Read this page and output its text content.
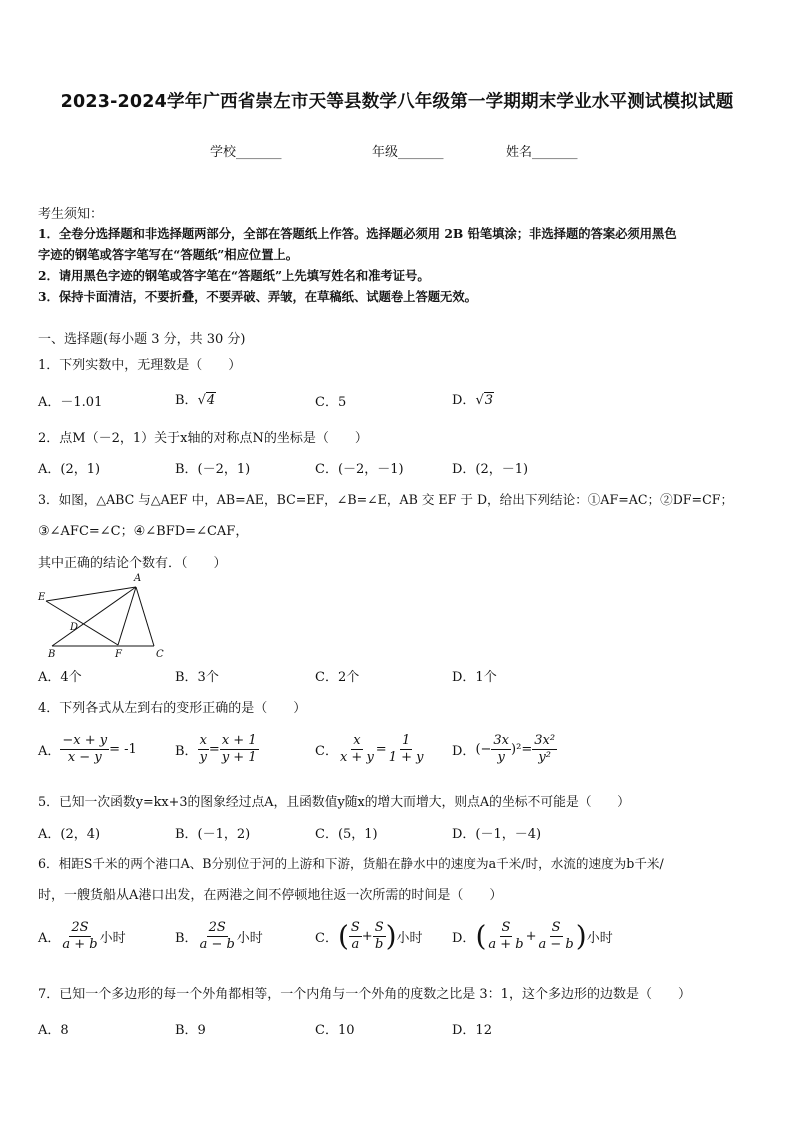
2023-2024学年广西省崇左市天等县数学八年级第一学期期末学业水平测试模拟试题
学校_______	年级_______	姓名_______
考生须知：
1．全卷分选择题和非选择题两部分，全部在答题纸上作答。选择题必须用 2B 铅笔填涂；非选择题的答案必须用黑色
字迹的钢笔或答字笔写在“答题纸”相应位置上。
2．请用黑色字迹的钢笔或答字笔在“答题纸”上先填写姓名和准考证号。
3．保持卡面清洁，不要折叠，不要弄破、弄皱，在草稿纸、试题卷上答题无效。
一、选择题(每小题 3 分，共 30 分)
1．下列实数中，无理数是（　　）
A．－1.01	B．√4	C．5	D．√3
2．点M（－2，1）关于x轴的对称点N的坐标是（　　）
A．(2，1)	B．(－2，1)	C．(－2，－1)	D．(2，－1)
3．如图，△ABC 与△AEF 中，AB=AE，BC=EF，∠B=∠E，AB 交 EF 于 D，给出下列结论：①AF=AC；②DF=CF；
③∠AFC=∠C；④∠BFD=∠CAF，
其中正确的结论个数有．（　　）
A
E
D
B	F	C
A．4个	B．3个	C．2个	D．1个
4．下列各式从左到右的变形正确的是（　　）
A． $\frac{-x + y}{x - y} = -1$	B． $\frac{x}{y} = \frac{x + 1}{y + 1}$	C． $\frac{x}{x + y} = \frac{1}{1 + y}$ D．(− $\frac{3x}{y} )^2= \frac{\text{3x²}}{\text{y²}}$
5．已知一次函数y=kx+3的图象经过点A，且函数值y随x的增大而增大，则点A的坐标不可能是（　　）
A．(2，4)	B．(－1，2)	C．(5，1)	D．(－1，－4)
6．相距S千米的两个港口A、B分别位于河的上游和下游，货船在静水中的速度为a千米/时，水流的速度为b千米/
时，一艘货船从A港口出发，在两港之间不停顿地往返一次所需的时间是（　　）
A． $\frac{2S}{a + b}$ 小时	B． $\frac{2S}{a - b}$ 小时	C．( $\frac{S}{a} + \frac{S}{b}$ )小时 D．( $\frac{S}{a + b} + \frac{S}{a - b}$ )小时
7．已知一个多边形的每一个外角都相等，一个内角与一个外角的度数之比是 3：1，这个多边形的边数是（　　）
A．8	B．9	C．10	D．12
